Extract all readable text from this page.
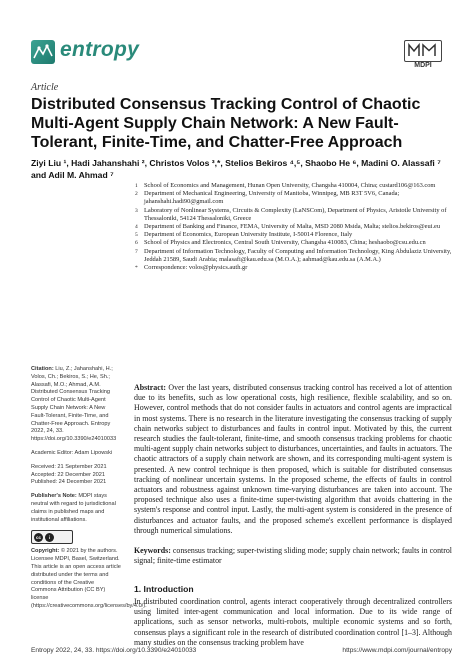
entropy
MDPI
Article
Distributed Consensus Tracking Control of Chaotic Multi-Agent Supply Chain Network: A New Fault-Tolerant, Finite-Time, and Chatter-Free Approach
Ziyi Liu ¹, Hadi Jahanshahi ², Christos Volos ³,*, Stelios Bekiros ⁴,⁵, Shaobo He ⁶, Madini O. Alassafi ⁷ and Adil M. Ahmad ⁷
1 School of Economics and Management, Hunan Open University, Changsha 410004, China; custard106@163.com
2 Department of Mechanical Engineering, University of Manitoba, Winnipeg, MB R3T 5V6, Canada; jahanshahi.hadi90@gmail.com
3 Laboratory of Nonlinear Systems, Circuits & Complexity (LaNSCom), Department of Physics, Aristotle University of Thessaloniki, 54124 Thessaloniki, Greece
4 Department of Banking and Finance, FEMA, University of Malta, MSD 2080 Msida, Malta; stelios.bekiros@eui.eu
5 Department of Economics, European University Institute, I-50014 Florence, Italy
6 School of Physics and Electronics, Central South University, Changsha 410083, China; heshaobo@csu.edu.cn
7 Department of Information Technology, Faculty of Computing and Information Technology, King Abdulaziz University, Jeddah 21589, Saudi Arabia; malasafi@kau.edu.sa (M.O.A.); aahmad@kau.edu.sa (A.M.A.)
* Correspondence: volos@physics.auth.gr
Citation: Liu, Z.; Jahanshahi, H.; Volos, Ch.; Bekiros, S.; He, Sh.; Alassafi, M.O.; Ahmad, A.M. Distributed Consensus Tracking Control of Chaotic Multi-Agent Supply Chain Network: A New Fault-Tolerant, Finite-Time, and Chatter-Free Approach. Entropy 2022, 24, 33. https://doi.org/10.3390/e24010033
Academic Editor: Adam Lipowski
Received: 21 September 2021
Accepted: 22 December 2021
Published: 24 December 2021
Publisher's Note: MDPI stays neutral with regard to jurisdictional claims in published maps and institutional affiliations.
cc	i
Copyright: © 2021 by the authors. Licensee MDPI, Basel, Switzerland. This article is an open access article distributed under the terms and conditions of the Creative Commons Attribution (CC BY) license (https://creativecommons.org/licenses/by/4.0/).
Abstract: Over the last years, distributed consensus tracking control has received a lot of attention due to its benefits, such as low operational costs, high resilience, flexible scalability, and so on. However, control methods that do not consider faults in actuators and control agents are impractical in most systems. There is no research in the literature investigating the consensus tracking of supply chain networks subject to disturbances and faults in control input. Motivated by this, the current research studies the fault-tolerant, finite-time, and smooth consensus tracking problems for chaotic multi-agent supply chain networks subject to disturbances, uncertainties, and faults in actuators. The chaotic attractors of a supply chain network are shown, and its corresponding multi-agent system is presented. A new control technique is then proposed, which is suitable for distributed consensus tracking of nonlinear uncertain systems. In the proposed scheme, the effects of faults in control actuators and robustness against unknown time-varying disturbances are taken into account. The proposed technique also uses a finite-time super-twisting algorithm that avoids chattering in the system's response and control input. Lastly, the multi-agent system is considered in the presence of disturbances and actuator faults, and the proposed scheme's excellent performance is displayed through numerical simulations.
Keywords: consensus tracking; super-twisting sliding mode; supply chain network; faults in control signal; finite-time estimator
1. Introduction
In distributed coordination control, agents interact cooperatively through decentralized controllers using limited inter-agent communication and local information. Due to its wide range of applications, such as sensor networks, multi-robots, multiple economic systems and so forth, consensus plays a significant role in the research of distributed coordination control [1–3]. Although many studies on the consensus tracking problem have
Entropy 2022, 24, 33. https://doi.org/10.3390/e24010033	https://www.mdpi.com/journal/entropy
